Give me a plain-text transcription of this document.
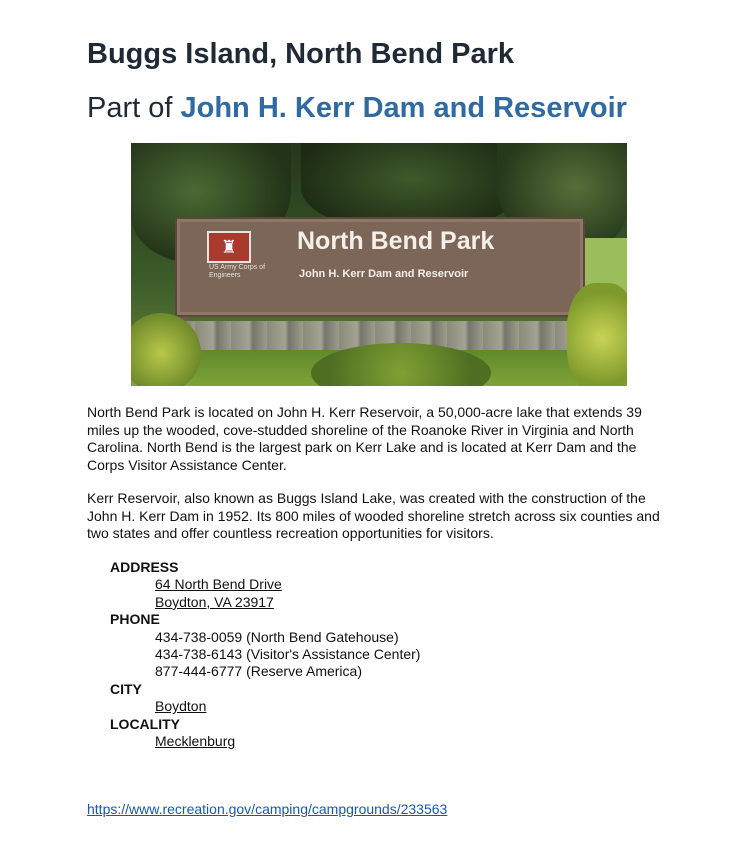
Buggs Island, North Bend Park
Part of John H. Kerr Dam and Reservoir
♜
US Army Corps of Engineers
North Bend Park
John H. Kerr Dam and Reservoir

North Bend Park is located on John H. Kerr Reservoir, a 50,000-acre lake that extends 39 miles up the wooded, cove-studded shoreline of the Roanoke River in Virginia and North Carolina. North Bend is the largest park on Kerr Lake and is located at Kerr Dam and the Corps Visitor Assistance Center.

Kerr Reservoir, also known as Buggs Island Lake, was created with the construction of the John H. Kerr Dam in 1952. Its 800 miles of wooded shoreline stretch across six counties and two states and offer countless recreation opportunities for visitors.

ADDRESS
64 North Bend Drive
Boydton, VA 23917
PHONE
434-738-0059 (North Bend Gatehouse)
434-738-6143 (Visitor's Assistance Center)
877-444-6777 (Reserve America)
CITY
Boydton
LOCALITY
Mecklenburg
https://www.recreation.gov/camping/campgrounds/233563
